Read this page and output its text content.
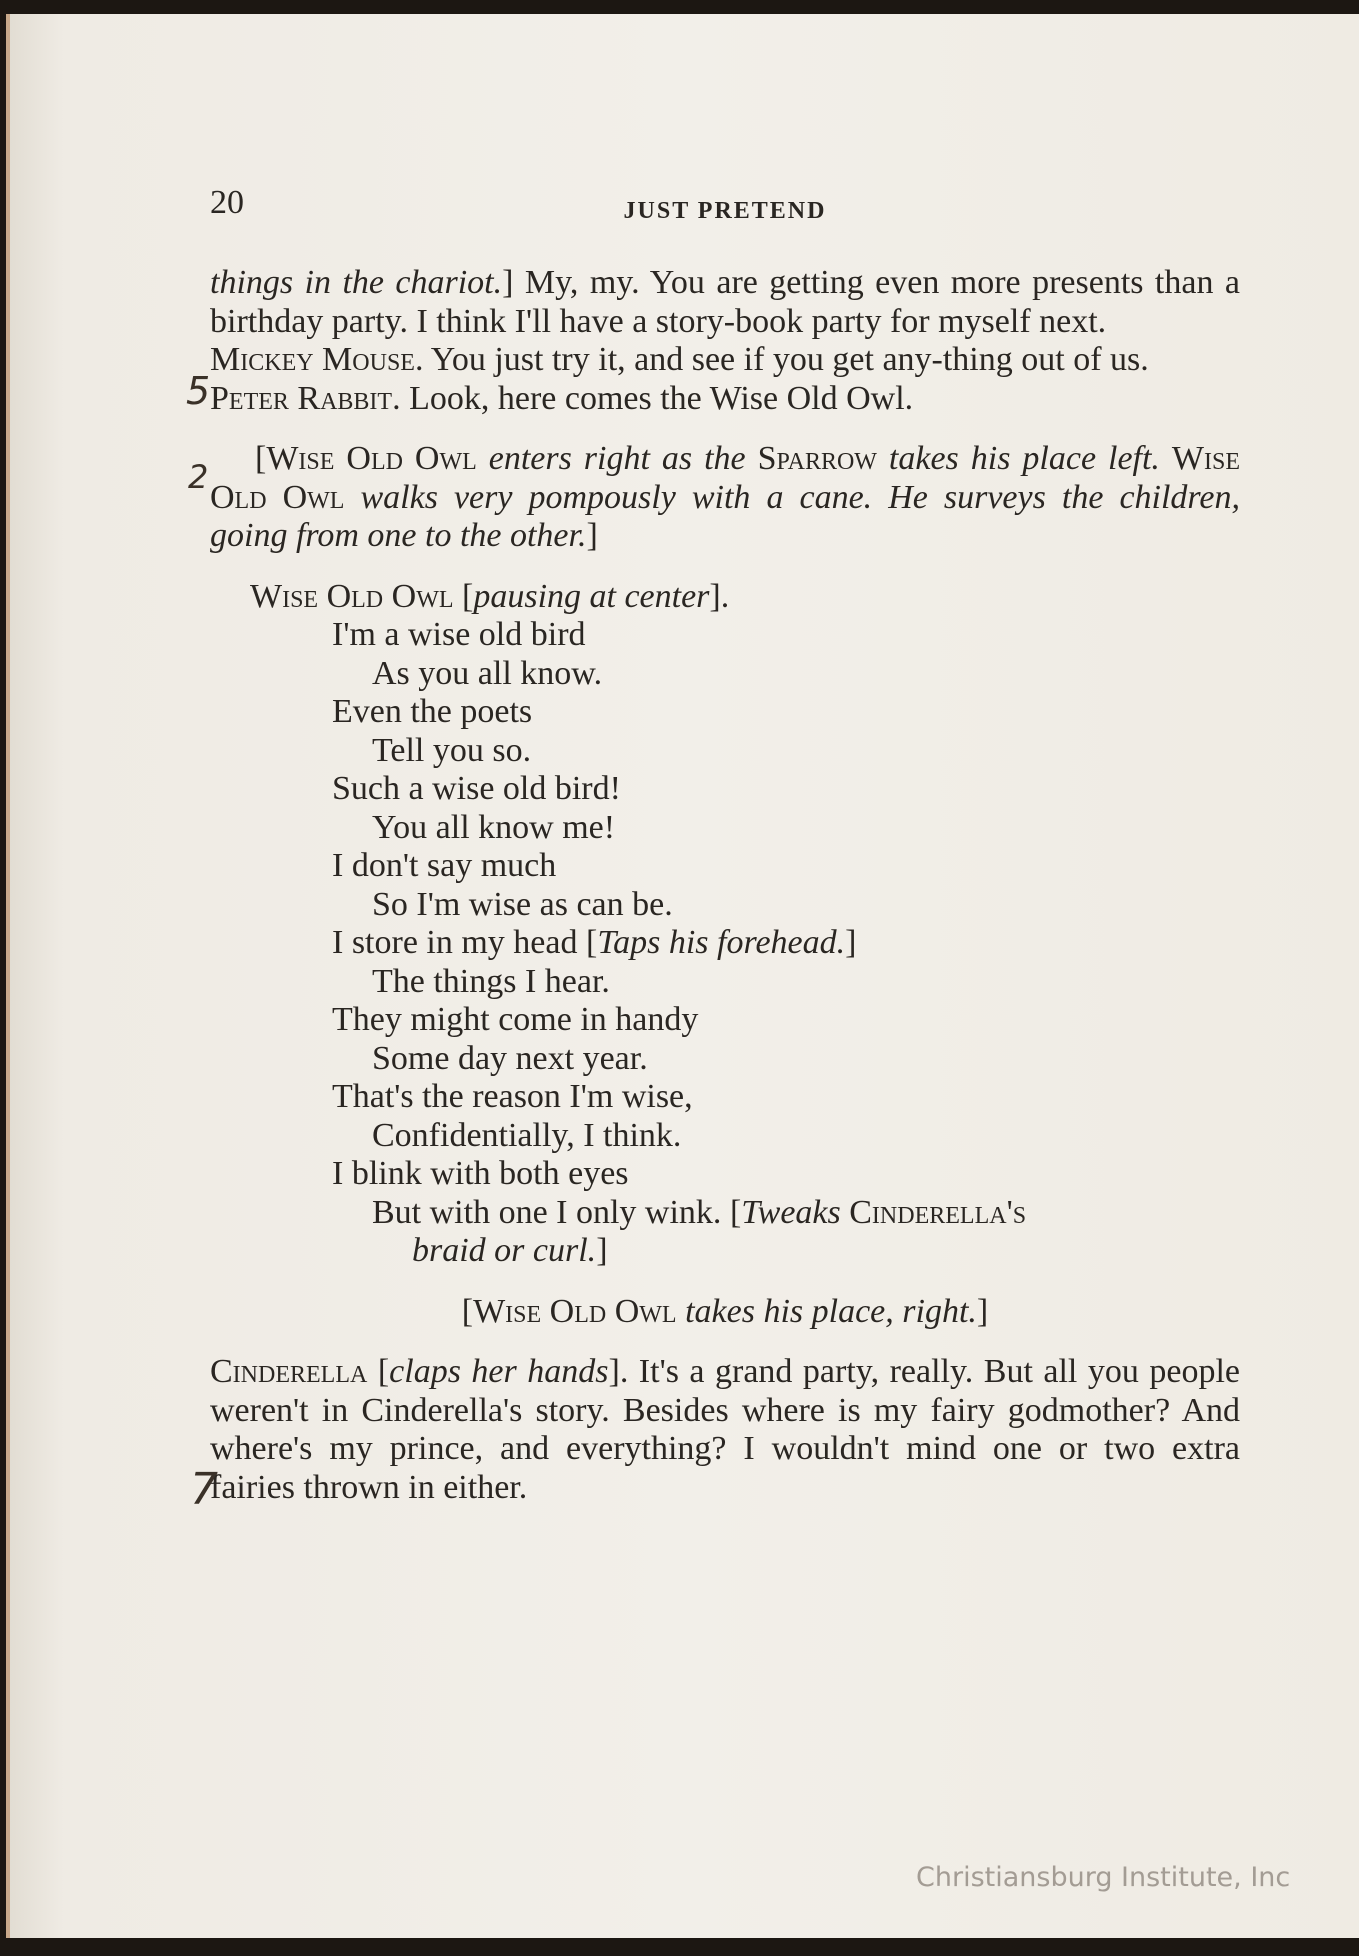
5
2
7
20	JUST PRETEND

things in the chariot.] My, my. You are getting even more presents than a birthday party. I think I'll have a story-book party for myself next.

Mickey Mouse. You just try it, and see if you get any-thing out of us.

Peter Rabbit. Look, here comes the Wise Old Owl.

[Wise Old Owl enters right as the Sparrow takes his place left. Wise Old Owl walks very pompously with a cane. He surveys the children, going from one to the other.]

Wise Old Owl [pausing at center].

I'm a wise old bird

As you all know.

Even the poets

Tell you so.

Such a wise old bird!

You all know me!

I don't say much

So I'm wise as can be.

I store in my head [Taps his forehead.]

The things I hear.

They might come in handy

Some day next year.

That's the reason I'm wise,

Confidentially, I think.

I blink with both eyes

But with one I only wink. [Tweaks Cinderella's

braid or curl.]

[Wise Old Owl takes his place, right.]

Cinderella [claps her hands]. It's a grand party, really. But all you people weren't in Cinderella's story. Besides where is my fairy godmother? And where's my prince, and everything? I wouldn't mind one or two extra fairies thrown in either.

Christiansburg Institute, Inc
